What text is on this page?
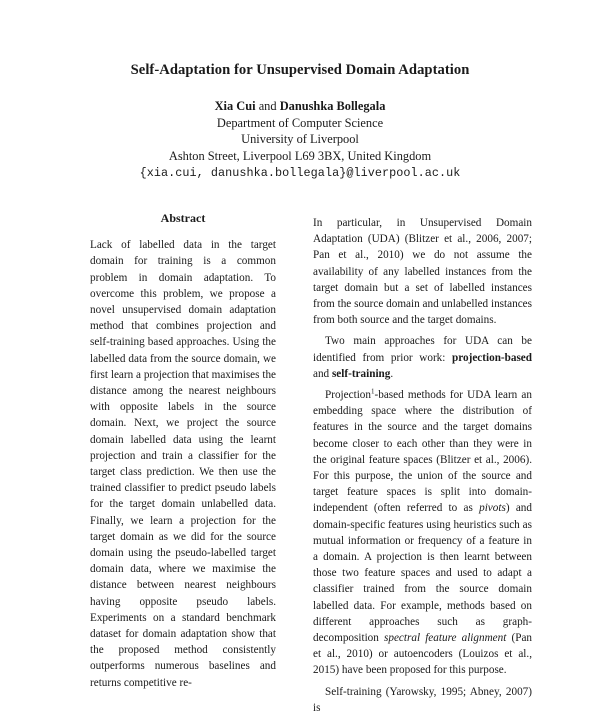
Self-Adaptation for Unsupervised Domain Adaptation
Xia Cui and Danushka Bollegala
Department of Computer Science
University of Liverpool
Ashton Street, Liverpool L69 3BX, United Kingdom
{xia.cui, danushka.bollegala}@liverpool.ac.uk
Abstract

Lack of labelled data in the target domain for training is a common problem in domain adaptation. To overcome this problem, we propose a novel unsupervised domain adaptation method that combines projection and self-training based approaches. Using the labelled data from the source domain, we first learn a projection that maximises the distance among the nearest neighbours with opposite labels in the source domain. Next, we project the source domain labelled data using the learnt projection and train a classifier for the target class prediction. We then use the trained classifier to predict pseudo labels for the target domain unlabelled data. Finally, we learn a projection for the target domain as we did for the source domain using the pseudo-labelled target domain data, where we maximise the distance between nearest neighbours having opposite pseudo labels. Experiments on a standard benchmark dataset for domain adaptation show that the proposed method consistently outperforms numerous baselines and returns competitive re-

In particular, in Unsupervised Domain Adaptation (UDA) (Blitzer et al., 2006, 2007; Pan et al., 2010) we do not assume the availability of any labelled instances from the target domain but a set of labelled instances from the source domain and unlabelled instances from both source and the target domains.

Two main approaches for UDA can be identified from prior work: projection-based and self-training.

Projection$^1$-based methods for UDA learn an embedding space where the distribution of features in the source and the target domains become closer to each other than they were in the original feature spaces (Blitzer et al., 2006). For this purpose, the union of the source and target feature spaces is split into domain-independent (often referred to as pivots) and domain-specific features using heuristics such as mutual information or frequency of a feature in a domain. A projection is then learnt between those two feature spaces and used to adapt a classifier trained from the source domain labelled data. For example, methods based on different approaches such as graph-decomposition spectral feature alignment (Pan et al., 2010) or autoencoders (Louizos et al., 2015) have been proposed for this purpose.

Self-training (Yarowsky, 1995; Abney, 2007) is
